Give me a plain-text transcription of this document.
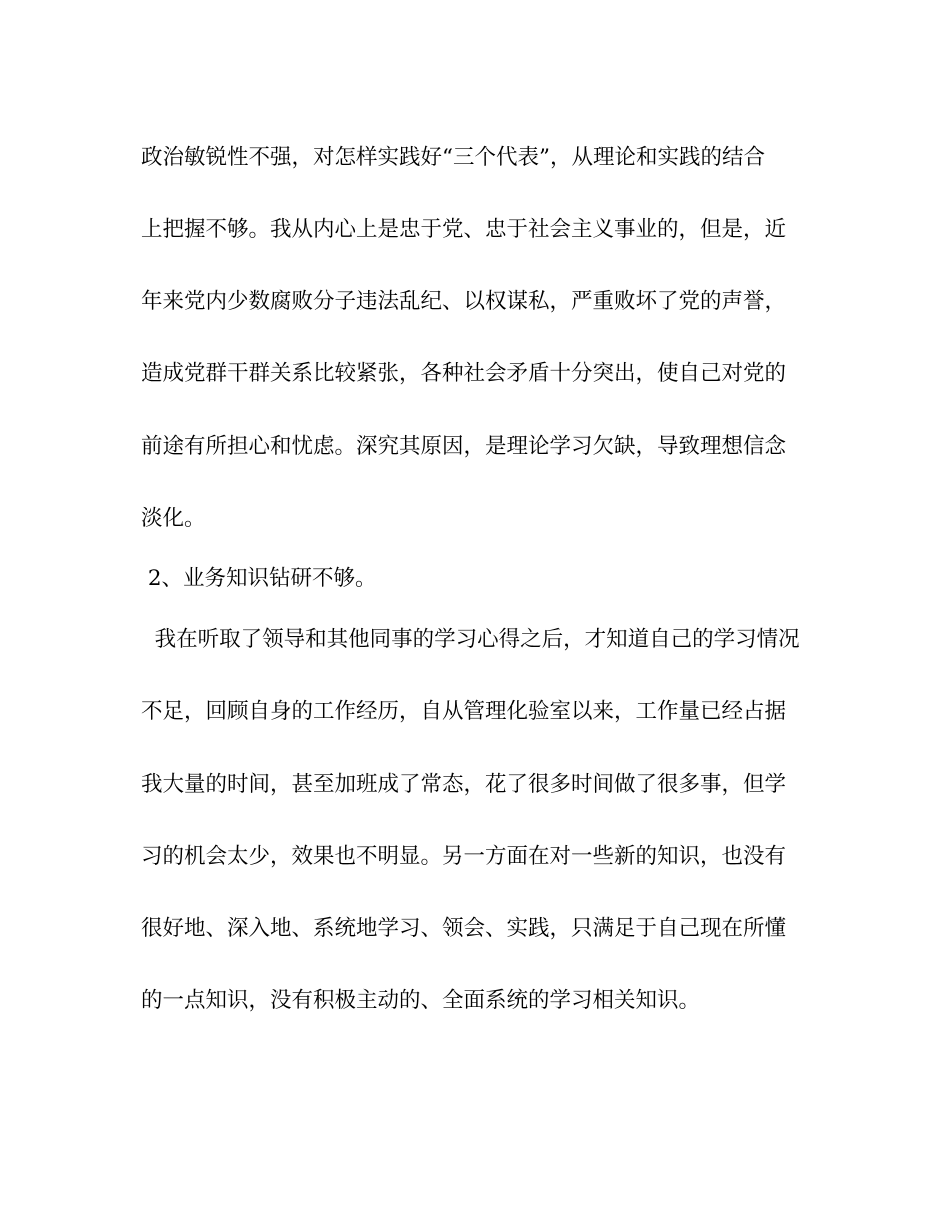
政治敏锐性不强，对怎样实践好“三个代表”，从理论和实践的结合
上把握不够。我从内心上是忠于党、忠于社会主义事业的，但是，近
年来党内少数腐败分子违法乱纪、以权谋私，严重败坏了党的声誉，
造成党群干群关系比较紧张，各种社会矛盾十分突出，使自己对党的
前途有所担心和忧虑。深究其原因，是理论学习欠缺，导致理想信念
淡化。
2、业务知识钻研不够。
我在听取了领导和其他同事的学习心得之后，才知道自己的学习情况
不足，回顾自身的工作经历，自从管理化验室以来，工作量已经占据
我大量的时间，甚至加班成了常态，花了很多时间做了很多事，但学
习的机会太少，效果也不明显。另一方面在对一些新的知识，也没有
很好地、深入地、系统地学习、领会、实践，只满足于自己现在所懂
的一点知识，没有积极主动的、全面系统的学习相关知识。
